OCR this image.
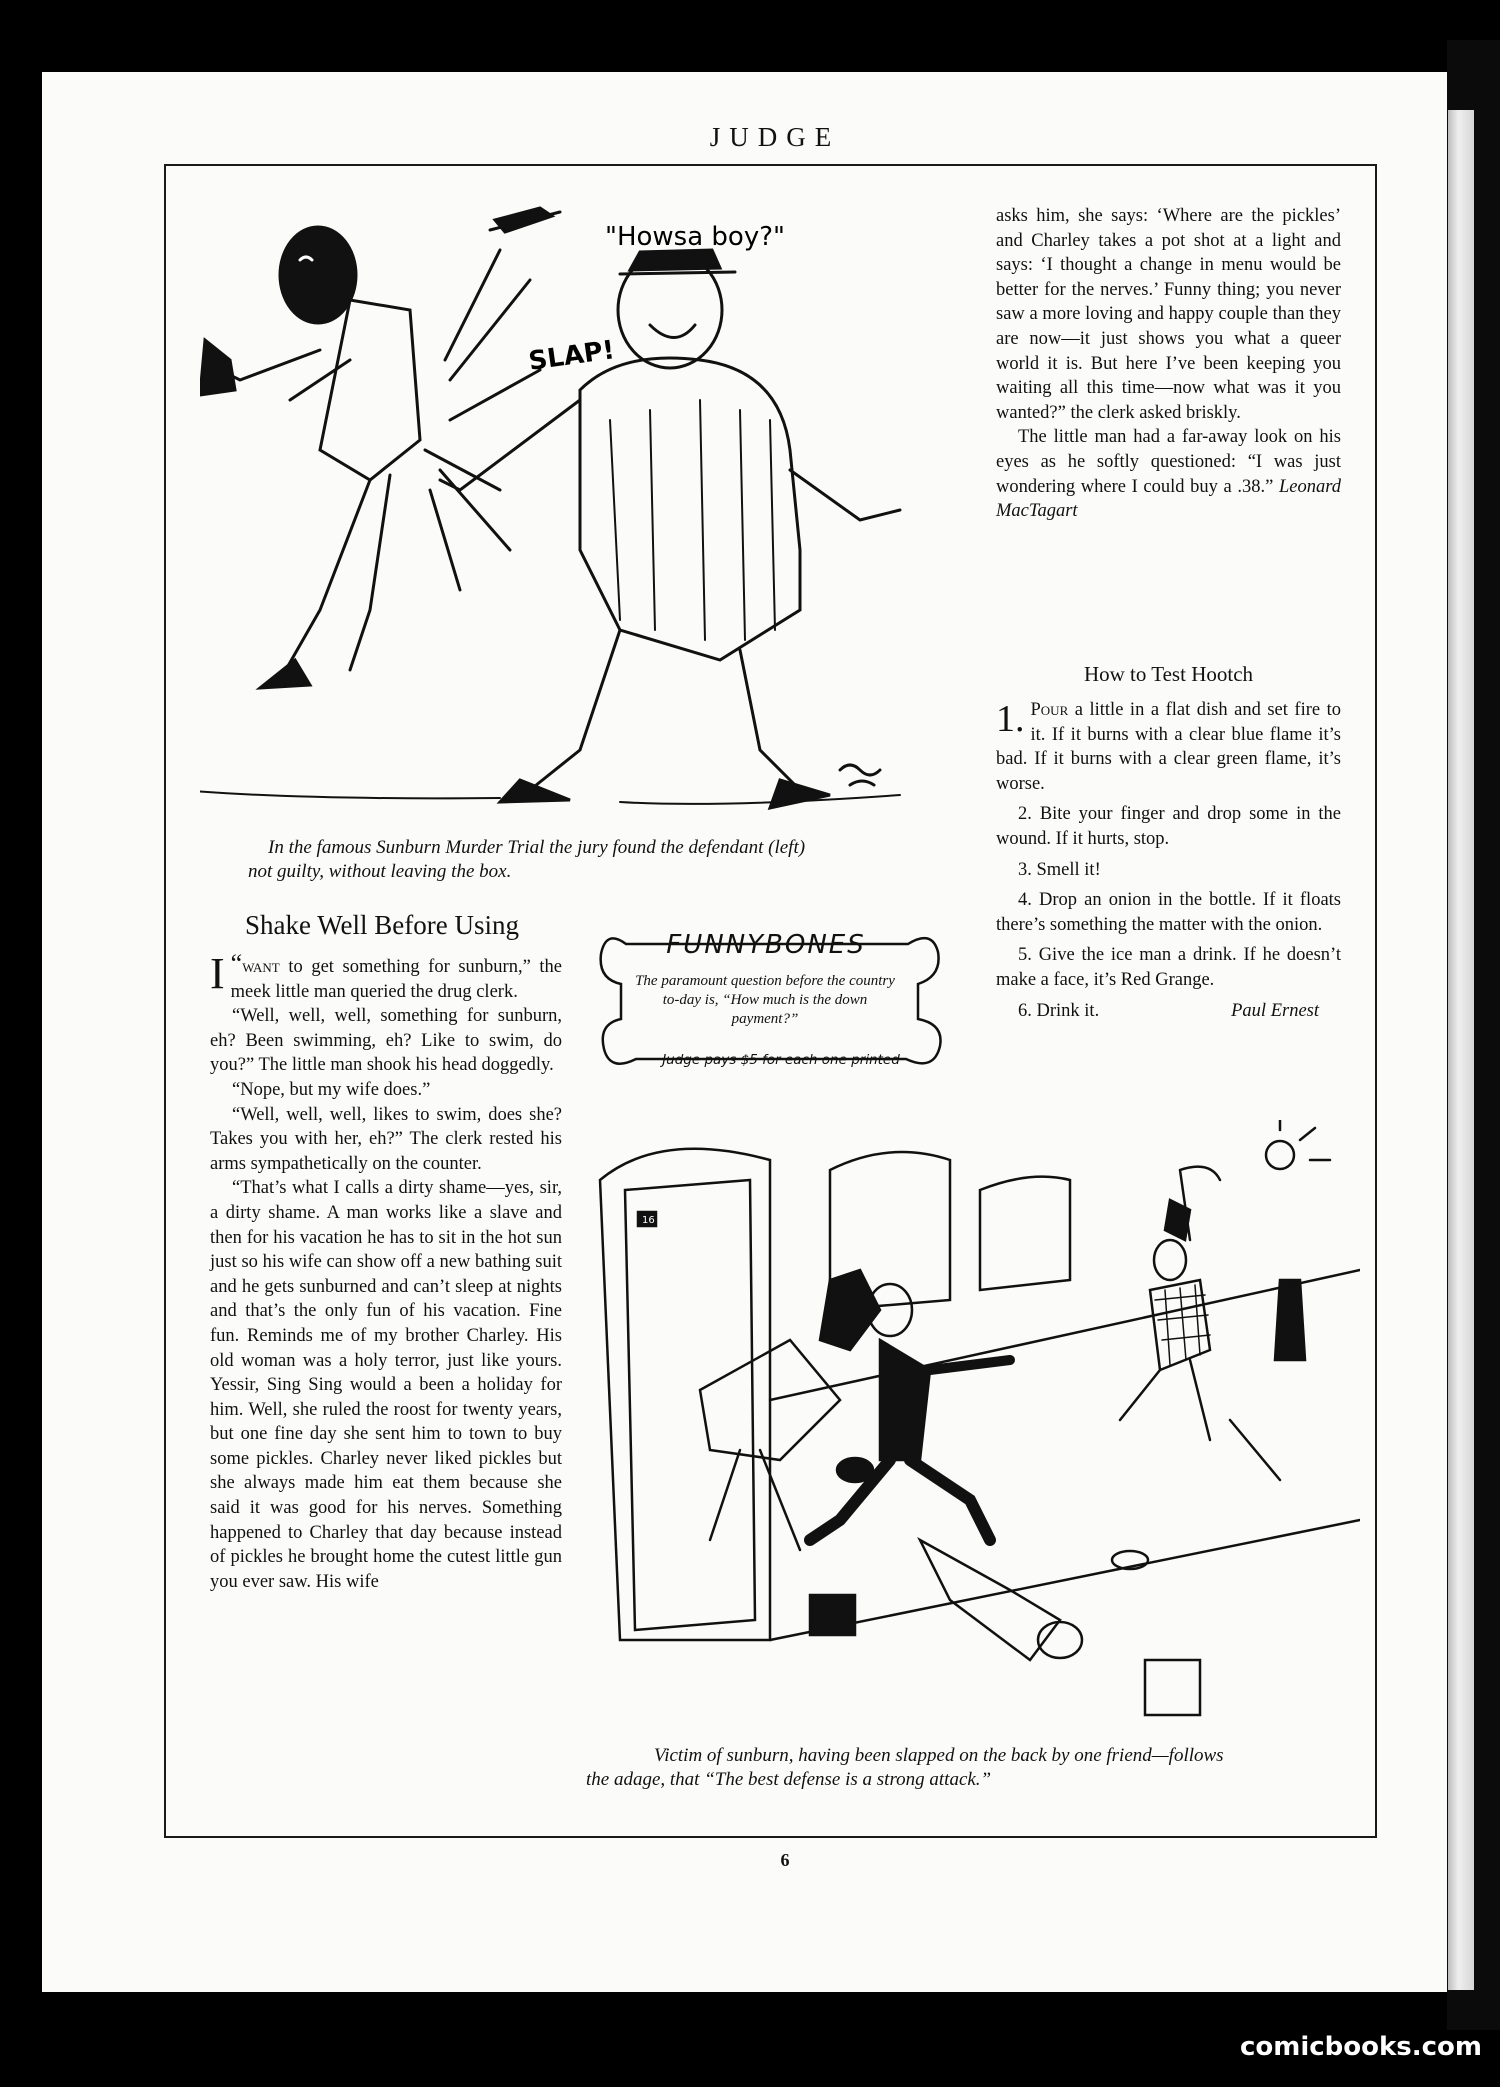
JUDGE
"Howsa boy?"
SLAP!
In the famous Sunburn Murder Trial the jury found the defendant (left)
not guilty, without leaving the box.
Shake Well Before Using

“
I want to get something for sunburn,” the meek little man queried the drug clerk.

“Well, well, well, something for sunburn, eh? Been swimming, eh? Like to swim, do you?” The little man shook his head doggedly.

“Nope, but my wife does.”

“Well, well, well, likes to swim, does she? Takes you with her, eh?” The clerk rested his arms sympathetically on the counter.

“That’s what I calls a dirty shame—yes, sir, a dirty shame. A man works like a slave and then for his vacation he has to sit in the hot sun just so his wife can show off a new bathing suit and he gets sunburned and can’t sleep at nights and that’s the only fun of his vacation. Fine fun. Reminds me of my brother Charley. His old woman was a holy terror, just like yours. Yessir, Sing Sing would a been a holiday for him. Well, she ruled the roost for twenty years, but one fine day she sent him to town to buy some pickles. Charley never liked pickles but she always made him eat them because she said it was good for his nerves. Something happened to Charley that day because instead of pickles he brought home the cutest little gun you ever saw. His wife

FUNNYBONES
The paramount question before the country to-day is, “How much is the down payment?”
Judge pays $5 for each one printed

asks him, she says: ‘Where are the pickles’ and Charley takes a pot shot at a light and says: ‘I thought a change in menu would be better for the nerves.’ Funny thing; you never saw a more loving and happy couple than they are now—it just shows you what a queer world it is. But here I’ve been keeping you waiting all this time—now what was it you wanted?” the clerk asked briskly.

The little man had a far-away look on his eyes as he softly questioned: “I was just wondering where I could buy a .38.” Leonard MacTagart

How to Test Hootch

1. Pour a little in a flat dish and set fire to it. If it burns with a clear blue flame it’s bad. If it burns with a clear green flame, it’s worse.

2. Bite your finger and drop some in the wound. If it hurts, stop.

3. Smell it!

4. Drop an onion in the bottle. If it floats there’s something the matter with the onion.

5. Give the ice man a drink. If he doesn’t make a face, it’s Red Grange.

6. Drink it.	Paul Ernest

16
Victim of sunburn, having been slapped on the back by one friend—follows
the adage, that “The best defense is a strong attack.”
6
comicbooks.com
